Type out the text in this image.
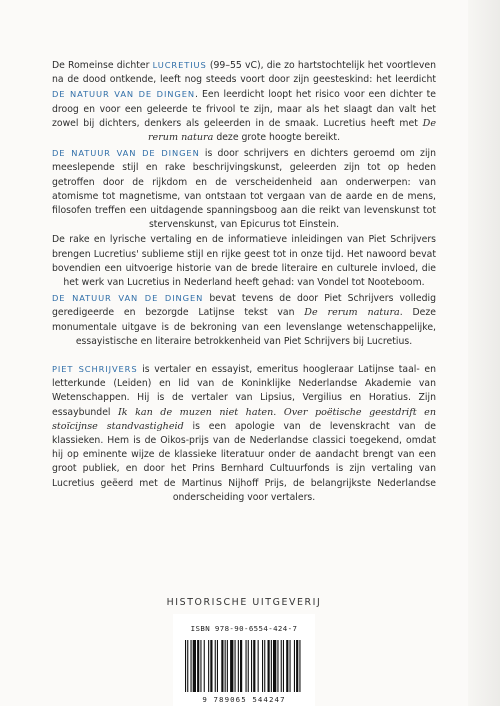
De Romeinse dichter LUCRETIUS (99–55 vC), die zo hartstochtelijk het voortleven na de dood ontkende, leeft nog steeds voort door zijn geesteskind: het leerdicht DE NATUUR VAN DE DINGEN. Een leerdicht loopt het risico voor een dichter te droog en voor een geleerde te frivool te zijn, maar als het slaagt dan valt het zowel bij dichters, denkers als geleerden in de smaak. Lucretius heeft met De rerum natura deze grote hoogte bereikt.

DE NATUUR VAN DE DINGEN is door schrijvers en dichters geroemd om zijn meeslepende stijl en rake beschrijvingskunst, geleerden zijn tot op heden getroffen door de rijkdom en de verscheidenheid aan onderwerpen: van atomisme tot magnetisme, van ontstaan tot vergaan van de aarde en de mens, filosofen treffen een uitdagende spanningsboog aan die reikt van levenskunst tot stervenskunst, van Epicurus tot Einstein.

De rake en lyrische vertaling en de informatieve inleidingen van Piet Schrijvers brengen Lucretius' sublieme stijl en rijke geest tot in onze tijd. Het nawoord bevat bovendien een uitvoerige historie van de brede literaire en culturele invloed, die het werk van Lucretius in Nederland heeft gehad: van Vondel tot Nooteboom.

DE NATUUR VAN DE DINGEN bevat tevens de door Piet Schrijvers volledig geredigeerde en bezorgde Latijnse tekst van De rerum natura. Deze monumentale uitgave is de bekroning van een levenslange wetenschappelijke, essayistische en literaire betrokkenheid van Piet Schrijvers bij Lucretius.

PIET SCHRIJVERS is vertaler en essayist, emeritus hoogleraar Latijnse taal- en letterkunde (Leiden) en lid van de Koninklijke Nederlandse Akademie van Wetenschappen. Hij is de vertaler van Lipsius, Vergilius en Horatius. Zijn essaybundel Ik kan de muzen niet haten. Over poëtische geestdrift en stoïcijnse standvastigheid is een apologie van de levenskracht van de klassieken. Hem is de Oikos-prijs van de Nederlandse classici toegekend, omdat hij op eminente wijze de klassieke literatuur onder de aandacht brengt van een groot publiek, en door het Prins Bernhard Cultuurfonds is zijn vertaling van Lucretius geëerd met de Martinus Nijhoff Prijs, de belangrijkste Nederlandse onderscheiding voor vertalers.

HISTORISCHE UITGEVERIJ
ISBN 978-90-6554-424-7
9 789065 544247
